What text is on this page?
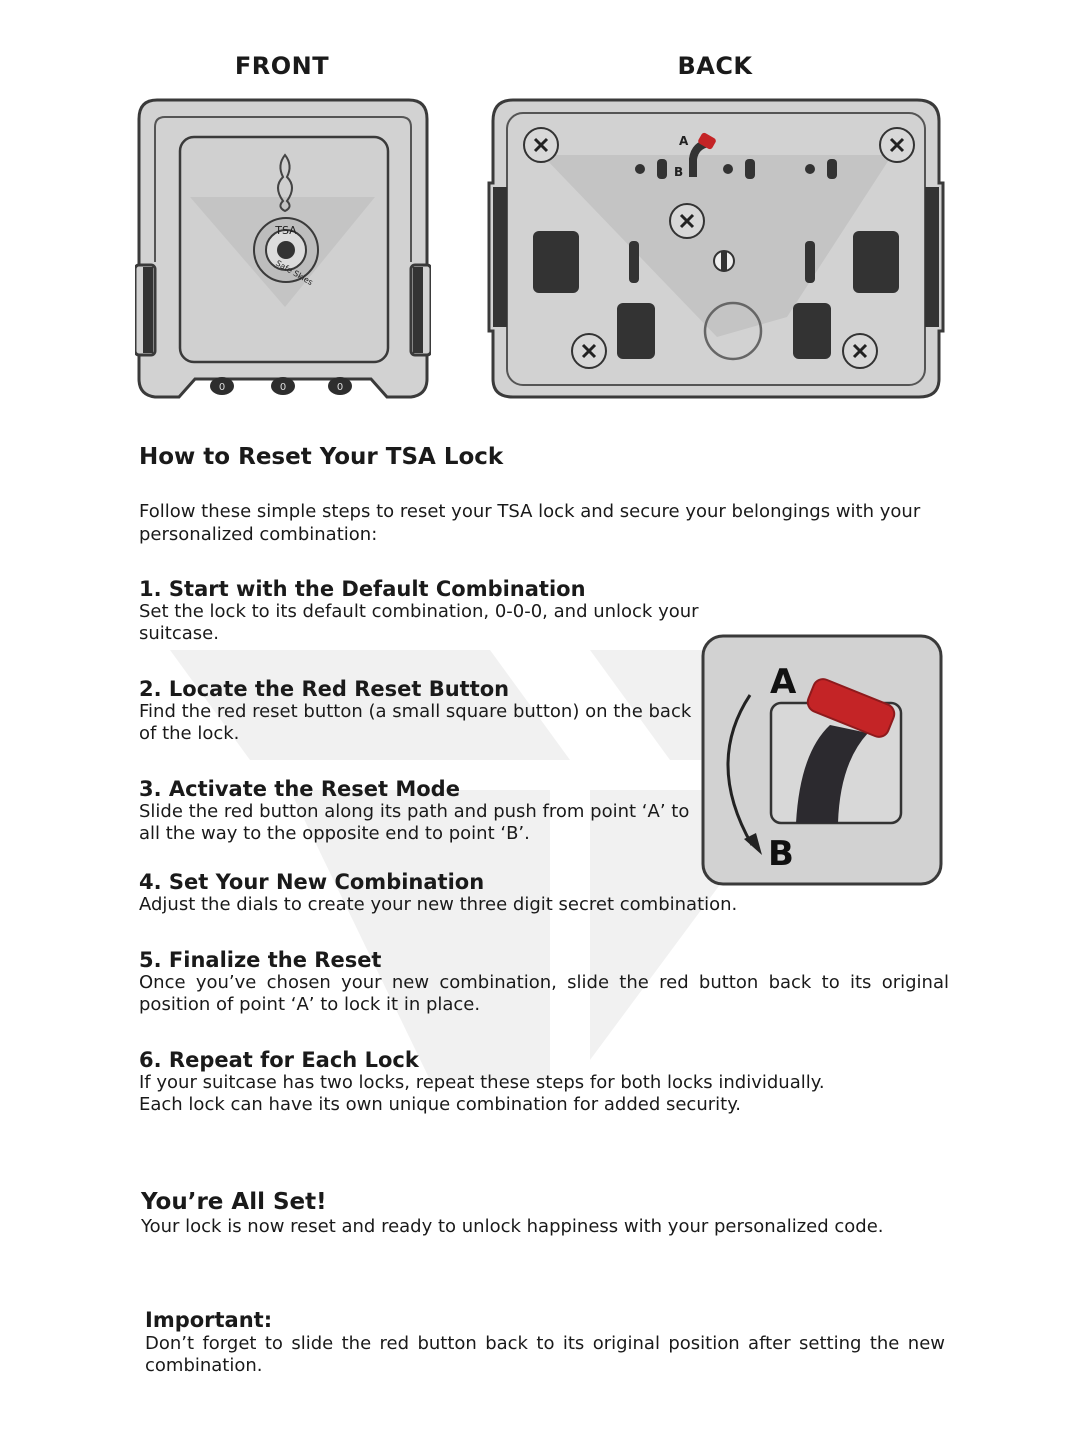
FRONT	BACK
TSA
Safe Skies
0	0	0
A
B
A
B
How to Reset Your TSA Lock
Follow these simple steps to reset your TSA lock and secure your belongings with your personalized combination:
1. Start with the Default Combination

Set the lock to its default combination, 0-0-0, and unlock your suitcase.

2. Locate the Red Reset Button

Find the red reset button (a small square button) on the back of the lock.

3. Activate the Reset Mode

Slide the red button along its path and push from point ‘A’ to all the way to the opposite end to point ‘B’.

4. Set Your New Combination

Adjust the dials to create your new three digit secret combination.

5. Finalize the Reset

Once you’ve chosen your new combination, slide the red button back to its original position of point ‘A’ to lock it in place.

6. Repeat for Each Lock

If your suitcase has two locks, repeat these steps for both locks individually.

Each lock can have its own unique combination for added security.

You’re All Set!

Your lock is now reset and ready to unlock happiness with your personalized code.

Important:

Don’t forget to slide the red button back to its original position after setting the new combination.
